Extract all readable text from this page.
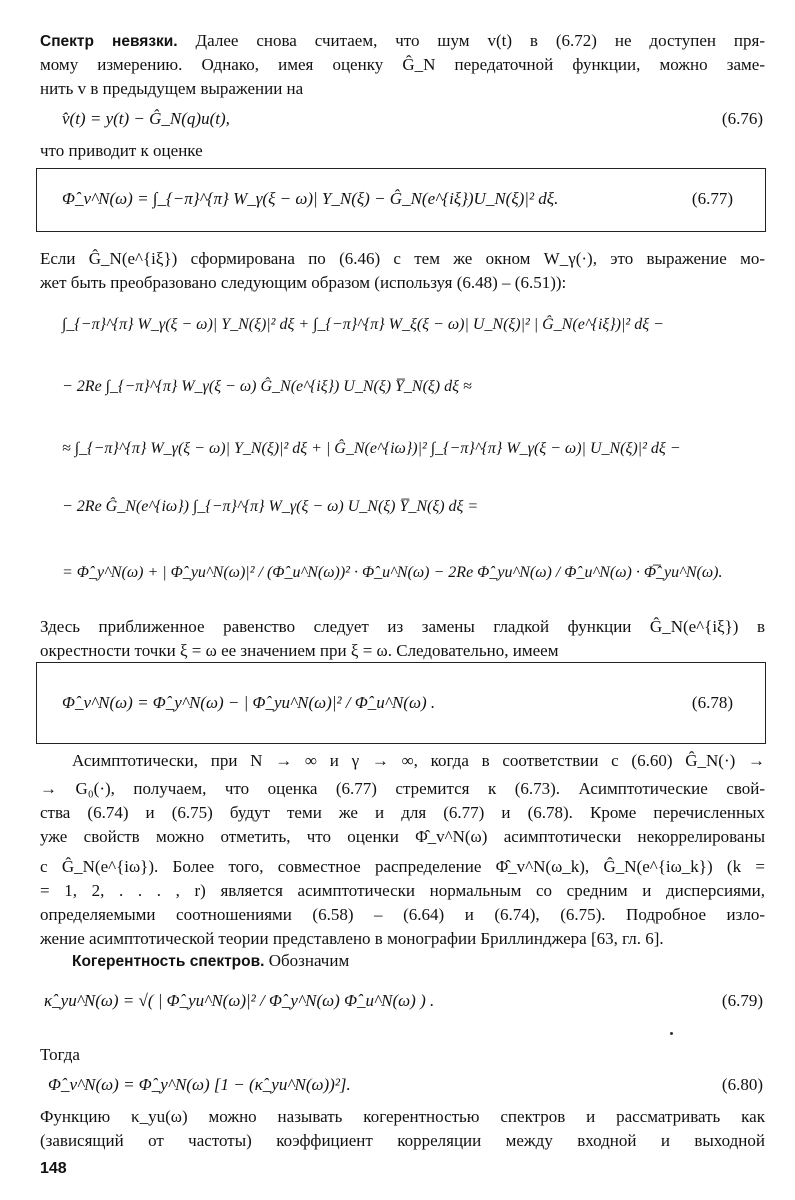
Спектр невязки. Далее снова считаем, что шум v(t) в (6.72) не доступен пря-
мому измерению. Однако, имея оценку Ĝ_N передаточной функции, можно заме-
нить v в предыдущем выражении на
v̂(t) = y(t) − Ĝ_N(q)u(t),	(6.76)
что приводит к оценке
Φ̂_v^N(ω) = ∫_{−π}^{π} W_γ(ξ − ω)| Y_N(ξ) − Ĝ_N(e^{iξ})U_N(ξ)|² dξ.	(6.77)
Если Ĝ_N(e^{iξ}) сформирована по (6.46) с тем же окном W_γ(·), это выражение мо-
жет быть преобразовано следующим образом (используя (6.48) – (6.51)):
∫_{−π}^{π} W_γ(ξ − ω)| Y_N(ξ)|² dξ + ∫_{−π}^{π} W_ξ(ξ − ω)| U_N(ξ)|² | Ĝ_N(e^{iξ})|² dξ −
− 2Re ∫_{−π}^{π} W_γ(ξ − ω) Ĝ_N(e^{iξ}) U_N(ξ) Y̅_N(ξ) dξ ≈
≈ ∫_{−π}^{π} W_γ(ξ − ω)| Y_N(ξ)|² dξ + | Ĝ_N(e^{iω})|² ∫_{−π}^{π} W_γ(ξ − ω)| U_N(ξ)|² dξ −
− 2Re Ĝ_N(e^{iω}) ∫_{−π}^{π} W_γ(ξ − ω) U_N(ξ) Y̅_N(ξ) dξ =
= Φ̂_y^N(ω) + | Φ̂_yu^N(ω)|² / (Φ̂_u^N(ω))² · Φ̂_u^N(ω) − 2Re Φ̂_yu^N(ω) / Φ̂_u^N(ω) · Φ̂̅_yu^N(ω).
Здесь приближенное равенство следует из замены гладкой функции Ĝ_N(e^{iξ}) в
окрестности точки ξ = ω ее значением при ξ = ω. Следовательно, имеем
Φ̂_v^N(ω) = Φ̂_y^N(ω) − | Φ̂_yu^N(ω)|² / Φ̂_u^N(ω) .	(6.78)
Асимптотически, при N → ∞ и γ → ∞, когда в соответствии с (6.60) Ĝ_N(·) →
→ G₀(·), получаем, что оценка (6.77) стремится к (6.73). Асимптотические свой-
ства (6.74) и (6.75) будут теми же и для (6.77) и (6.78). Кроме перечисленных
уже свойств можно отметить, что оценки Φ̂_v^N(ω) асимптотически некоррелированы
с Ĝ_N(e^{iω}). Более того, совместное распределение Φ̂_v^N(ω_k), Ĝ_N(e^{iω_k}) (k =
= 1, 2, . . . , r) является асимптотически нормальным со средним и дисперсиями,
определяемыми соотношениями (6.58) – (6.64) и (6.74), (6.75). Подробное изло-
жение асимптотической теории представлено в монографии Бриллинджера [63, гл. 6].
Когерентность спектров. Обозначим
κ̂_yu^N(ω) = √( | Φ̂_yu^N(ω)|² / Φ̂_y^N(ω) Φ̂_u^N(ω) ) .	(6.79)
Тогда
Φ̂_v^N(ω) = Φ̂_y^N(ω) [1 − (κ̂_yu^N(ω))²].	(6.80)
Функцию κ_yu(ω) можно называть когерентностью спектров и рассматривать как
(зависящий от частоты) коэффициент корреляции между входной и выходной
148
